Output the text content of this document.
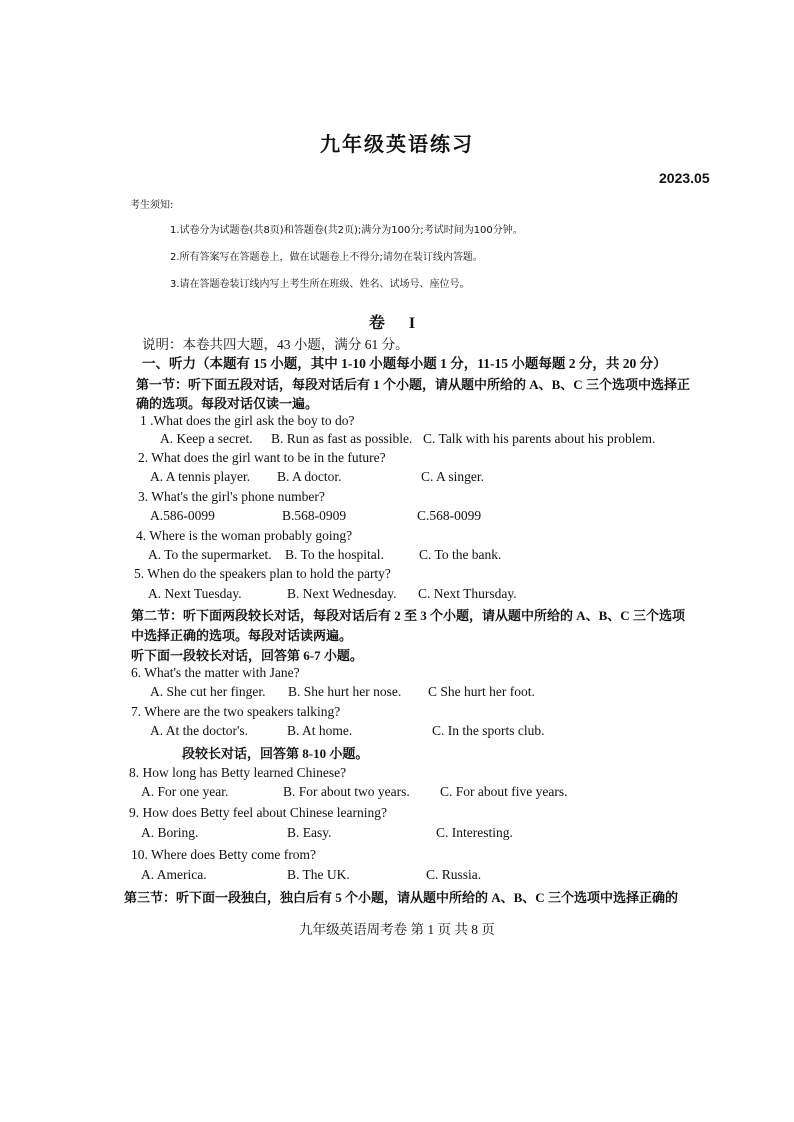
九年级英语练习
2023.05
考生须知:
1.试卷分为试题卷(共8页)和答题卷(共2页);满分为100分;考试时间为100分钟。
2.所有答案写在答题卷上，做在试题卷上不得分;请勿在装订线内答题。
3.请在答题卷装订线内写上考生所在班级、姓名、试场号、座位号。
卷 I
说明：本卷共四大题，43 小题，满分 61 分。
一、听力（本题有 15 小题，其中 1-10 小题每小题 1 分，11-15 小题每题 2 分，共 20 分）
第一节：听下面五段对话，每段对话后有 1 个小题，请从题中所给的 A、B、C 三个选项中选择正
确的选项。每段对话仅读一遍。
1 .What does the girl ask the boy to do?
A. Keep a secret. B. Run as fast as possible. C. Talk with his parents about his problem.
2. What does the girl want to be in the future?
A. A tennis player. B. A doctor.	C. A singer.
3. What's the girl's phone number?
A.586-0099	B.568-0909	C.568-0099
4. Where is the woman probably going?
A. To the supermarket. B. To the hospital.	C. To the bank.
5. When do the speakers plan to hold the party?
A. Next Tuesday.	B. Next Wednesday. C. Next Thursday.
第二节：听下面两段较长对话，每段对话后有 2 至 3 个小题，请从题中所给的 A、B、C 三个选项
中选择正确的选项。每段对话读两遍。
听下面一段较长对话，回答第 6-7 小题。
6. What's the matter with Jane?
A. She cut her finger. B. She hurt her nose. C She hurt her foot.
7. Where are the two speakers talking?
A. At the doctor's.	B. At home.	C. In the sports club.
段较长对话，回答第 8-10 小题。
8. How long has Betty learned Chinese?
A. For one year.	B. For about two years. C. For about five years.
9. How does Betty feel about Chinese learning?
A. Boring.	B. Easy.	C. Interesting.
10. Where does Betty come from?
A. America.	B. The UK.	C. Russia.
第三节：听下面一段独白，独白后有 5 个小题，请从题中所给的 A、B、C 三个选项中选择正确的
九年级英语周考卷 第 1 页 共 8 页
